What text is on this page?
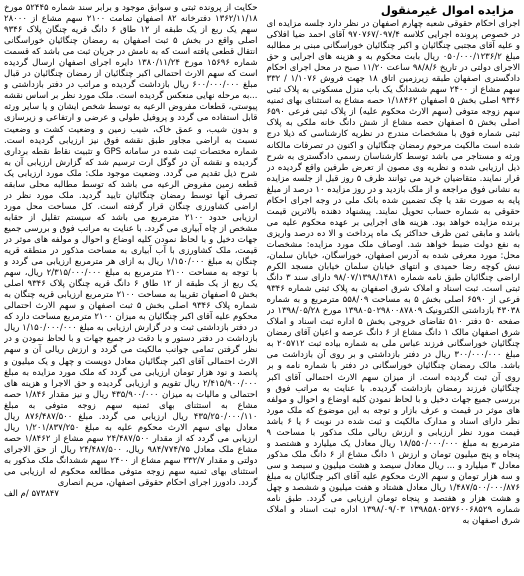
مزایده اموال غیرمنقول

اجرای احکام حقوقی شعبه چهارم اصفهان در نظر دارد جلسه مزایده ای در خصوص پرونده اجرایی کلاسه ۹۷۰۷۶۷/۰۹۷/۴ آقای احمد ضیا افلاکی و علیه آقای مجتبی چنگائیان و اکبر چنگائیان خوراسگانی مبنی بر مطالبه مبلغ ۰۵۰/۰۰۰/۱۲۳۶/۲ ریال بابت محکوم به و هزینه های اجرایی و حق الاجرای دولتی در تاریخ ۹۸/۸/۶ ساعت ۱۱/۲۰ صبح در محل اجرای احکام دادگستری اصفهان طبقه زیرزمین اتاق ۱۸ جهت فروش ۱/۱۰۷۶ / ۳۳۲ سهم مشاع از ۲۴۰۰ سهم ششدانگ یک باب منزل مسکونی به پلاک ثبتی ۹۳۴۶ اصلی بخش ۵ اصفهان ۱/۱۸۴۶۲ حصه مشاع به استثنای بهای ثمنیه سهم زوجه متوفی (سهم الارث محکوم علیه) از پلاک ثبتی فرعی ۶۵۹۰ اصلی بخش ۵ اصفهان حصه مشاع از شش دانگ خانه ملکی به پلاک ثبتی شماره فوق با مشخصات مندرج در نظریه کارشناسی که ذیلا درج شده است مالکیت مرحوم رمضان چنگائیان و اکنون در تصرفات مالکانه ورثه و مستاجر می باشد توسط کارشناسان رسمی دادگستری به شرح ذیل ارزیابی شده و نظریه وی مصون از تعرض طرفین واقع گردیده در قرار نمایند. متقاضیان خرید می توانند ظرف ۵ روز قبل از جلسه مزایده به نشانی فوق مراجعه و از ملک بازدید و در روز مزایده ۱۰ درصد از مبلغ پایه به صورت نقد یا چک تضمین شده بانک ملی در وجه اجرای احکام حقوقی به شماره حساب تحویل نمایند. پیشنهاد دهنده بالاترین قیمت برنده مزایده خواهد بود. هزینه های اجرایی بر عهده محکوم علیه می باشد و مابقی ثمن ظرف حداکثر یک ماه پرداخت و الا ده درصد واریزی به نفع دولت ضبط خواهد شد. اوصاف ملک مورد مزایده: مشخصات محل: مورد معرفی شده به آدرس اصفهان، خوراسگان، خیابان سلمان، نبش کوچه رضا حمیدی و انتهای خیابان سلمان خیابان مسجد الکرم اراضی چنگائیان طبق نامه شماره ۹۸/۰۷/۱۳۹۸/۱۴۸۱ دارای سند ۳ دانگ ثبتی است. ثبت اسناد و املاک شرق اصفهان به پلاک ثبتی شماره ۹۳۴۶ فرعی از ۶۵۹۰ اصلی بخش ۵ به مساحت ۵۵۸/۰۹ مترمربع و به شماره ۴۳۰۳۸ بازداشتی الکترونیک ۱۳۹۸۰۵۰۲۹۸۰۰۸۷۸۰۹ مورخ ۱۳۹۸/۰۵/۲۸ در صفحه ۵۰ دفتر ۵۱۰ تقاضای خروجی بخش ۵ اداره ثبت اسناد و املاک شرق اصفهان مالک ۱ دانگ مشاع از ۶ دانگ عرصه و اعیان آقای رمضان چنگائیان خوراسگانی فرزند عباس ملی به شماره بیاده ثبت ۲۰۵۷۱۲ به مبلغ ۳۰۰/۰۰۰/۰۰۰ ریال در دفتر بازداشتی و بر روی آن بازداشت می باشد. مالک رمضان چنگائیان خوراسگانی در دفتر با شماره نامه و بر روی آن ثبت گردیده است. از میزان سهم الارث احتمالی آقای اکبر چنگائیان فرزند رمضان بازداشت گردیده. با عنایت به مراتب فوق و بررسی جمیع جهات دخیل و با لحاظ نمودن کلیه اوضاع و احوال و مولفه های موثر در قیمت و عرف بازار و توجه به این موضوع که ملک مورد نظر دارای اسناد و مدارک مالکیت و ثبت شده در نوبت ۶ یا ۶ باشد قیمت مورد نظر ارزیابی و ارزش ریالی ملک مذکور با مساحت ۹ مترمربع به مبلغ ۱۸/۵۵۰/۰۰۰/۰۰۰ ریال معادل یک میلیارد و هشتصد و پنجاه و پنج میلیون تومان و ارزش ۱ دانگ مشاع از ۶ دانگ ملک مذکور معادل ۳ میلیارد و ... ریال معادل سیصد و هشت میلیون و سیصد و سی و سه هزار تومان و سهم الارث محکوم علیه آقای اکبر چنگائیان به مبلغ ۱/۴۸۷/۵۰۰/۰۰۰/۸۷۶ ریال معادل هشتاد و هفت میلیون و ششصد و چهل و هشت هزار و هفتصد و پنجاه تومان ارزیابی می گردد. طبق نامه شماره ۱۳۹۸۵۸۰۵۲۷۶۰۰۶۸۵۲۹ ۱۳۹۸/۰۹/۰۳ اداره ثبت اسناد و املاک شرق اصفهان به

حکایت از پرونده ثبتی و سوابق موجود و برابر سند شماره ۵۲۴۴۵ مورخ ۱۳۶۲/۱۱/۱۸ دفترخانه ۸۲ اصفهان تمامت ۲۱۰۰ سهم مشاع از ۲۸۰۰۰ سهم یک ربع از یک طبقه از ۱۲ طاق ۶ دانگ قریه چنگان پلاک ۹۳۴۶ اصلی واقع در بخش ۵ ثبت اصفهان به رمضان چنگائیان خوراسگانی انتقال قطعی یافته است که به نامش در جریان ثبت می باشد که قسمت شماره ۱۵۶۹۶ مورخ ۱۳۸۰/۱۱/۲۴ دایره اجرای اصفهان ارسال گردیده است که سهم الارث احتمالی اکبر چنگائیان از رمضان چنگائیان در قبال مبلغ ۶۰۰/۰۰۰/۰۰۰ ریال بازداشت گردیده و مراتب در دفتر بازداشتی و ...به مرحله نهایی منعکس گردیده است. ملک مورد نظر بر اساس نقشه پیوستی، قطعات مفروض الرعیه به توسط شخص ایشان و یا سایر ورثه قابل استفاده می گردد و پروفیل طولی و عرضی و ارتفاعی و زیرسازی و بدون شیب، و عمق خاک، شیب زمین و وضعیت کشت و وضعیت نسبت به اراضی مجاور طبق نقشه فوق نیز ارزیابی گردیده است. شماره مختصات ثبت شده در سامانه GPS و تثبیت نقاط نقطه برداری گردیده و نقشه آن در گوگل ارت ترسیم شد که گزارش ارزیابی آن به شرح ذیل تقدیم می گردد. وضعیت موجود ملک: ملک مورد ارزیابی یک قطعه زمین مفروض الرعیه می باشد که توسط مطالبه محلی سابقه تصرف آنها توسط رمضان چنگائیان تایید گردید. ملک مورد نظر در اراضی کشاورزی چنگان قرار گرفته است. کل مساحت محل مورد ارزیابی حدود ۲۱۰۰ مترمربع می باشد که سیستم تقلیل از حقابه مشخص از چاه آبیاری می گردد. با عنایت به مراتب فوق و بررسی جمیع جهات دخیل و با لحاظ نمودن کلیه اوضاع و احوال و مولفه های موثر در قیمت، ملک کشاورزی با آب آبیاری به مساحت مذکور در منطقه قریه چنگان به مبلغ ۱/۱۵۰/۰۰۰ ریال به ازای هر مترمربع ارزیابی می گردد و با توجه به مساحت ۲۱۰۰ مترمربع به مبلغ ۲/۳۱۵/۰۰۰/۰۰۰ ریال، سهم یک ربع از یک طبقه از ۱۲ طاق ۶ دانگ قریه چنگان پلاک ۹۳۴۶ اصلی بخش ۵ اصفهان تقریبا به مساحت ۲۱۰۰ مترمربع ارزیابی قریه چنگان به شماره پلاک ۹۳۴۶ اصلی بخش ۵ ثبت اصفهان و سهم الارث احتمالی محکوم علیه آقای اکبر چنگائیان به میزان ۲۱۰۰ مترمربع مساحت دارد که در دفتر بازداشتی ثبت و در گزارش ارزیابی به مبلغ ۱/۱۵۰/۰۰۰/۰۰۰ ریال بازداشت در دفتر دستور و با دقت در جمیع جهات و با لحاظ نمودن و در نظر گرفتن تمامی جوانب مالکیت می گردد و ارزش ریالی آن و سهم الارث احتمالی آقای اکبر چنگائیان معادل دویست و چهل و یک میلیون و پانصد و نود هزار تومان ارزیابی می گردد که ملک مورد مزایده به مبلغ ۲/۴۱۵/۹۰۰/۰۰۰ ریال تقویم و ارزیابی گردیده و حق الاجرا و هزینه های احتمالی و مالیات به میزان ۴۳۵/۹۰۰/۰۰۰ ریال و نیز مقدار ۱/۸۴۶ حصه مشاع به استثنای بهای ثمنیه سهم زوجه متوفی به مبلغ ۴۳۵/۲۵۰/۰۰۰/۱۱۰ ریال ارزیابی می گردد. مبلغ ۸۷۶/۴۸۷/۵۰۰ ریال معادل بهای سهم الارث محکوم علیه به مبلغ ۱/۲۰۱/۸۳۷/۲۵۰ ریال ارزیابی می گردد که از مقدار ۲۴/۴۸۷/۵۰۰ سهم مشاع از ۱/۸۴۶۲ حصه مشاع ملک معادل ۹۸۴/۷۷۴/۷۵ ریال، ۲۴/۴۸۷/۵۰۰ ریال از حق الاجرای دولتی و مقدار ۳۳۲/۷ سهم مشاع از ۲۴۰۰ سهم ششدانگ ملک مذکور به استثنای بهای ثمنیه سهم زوجه متوفی مطالعه محکوم له ارزیابی می گردد. دادورز اجرای احکام حقوقی اصفهان، مریم انصاری

۵۷۳۸۴۷ /م الف
